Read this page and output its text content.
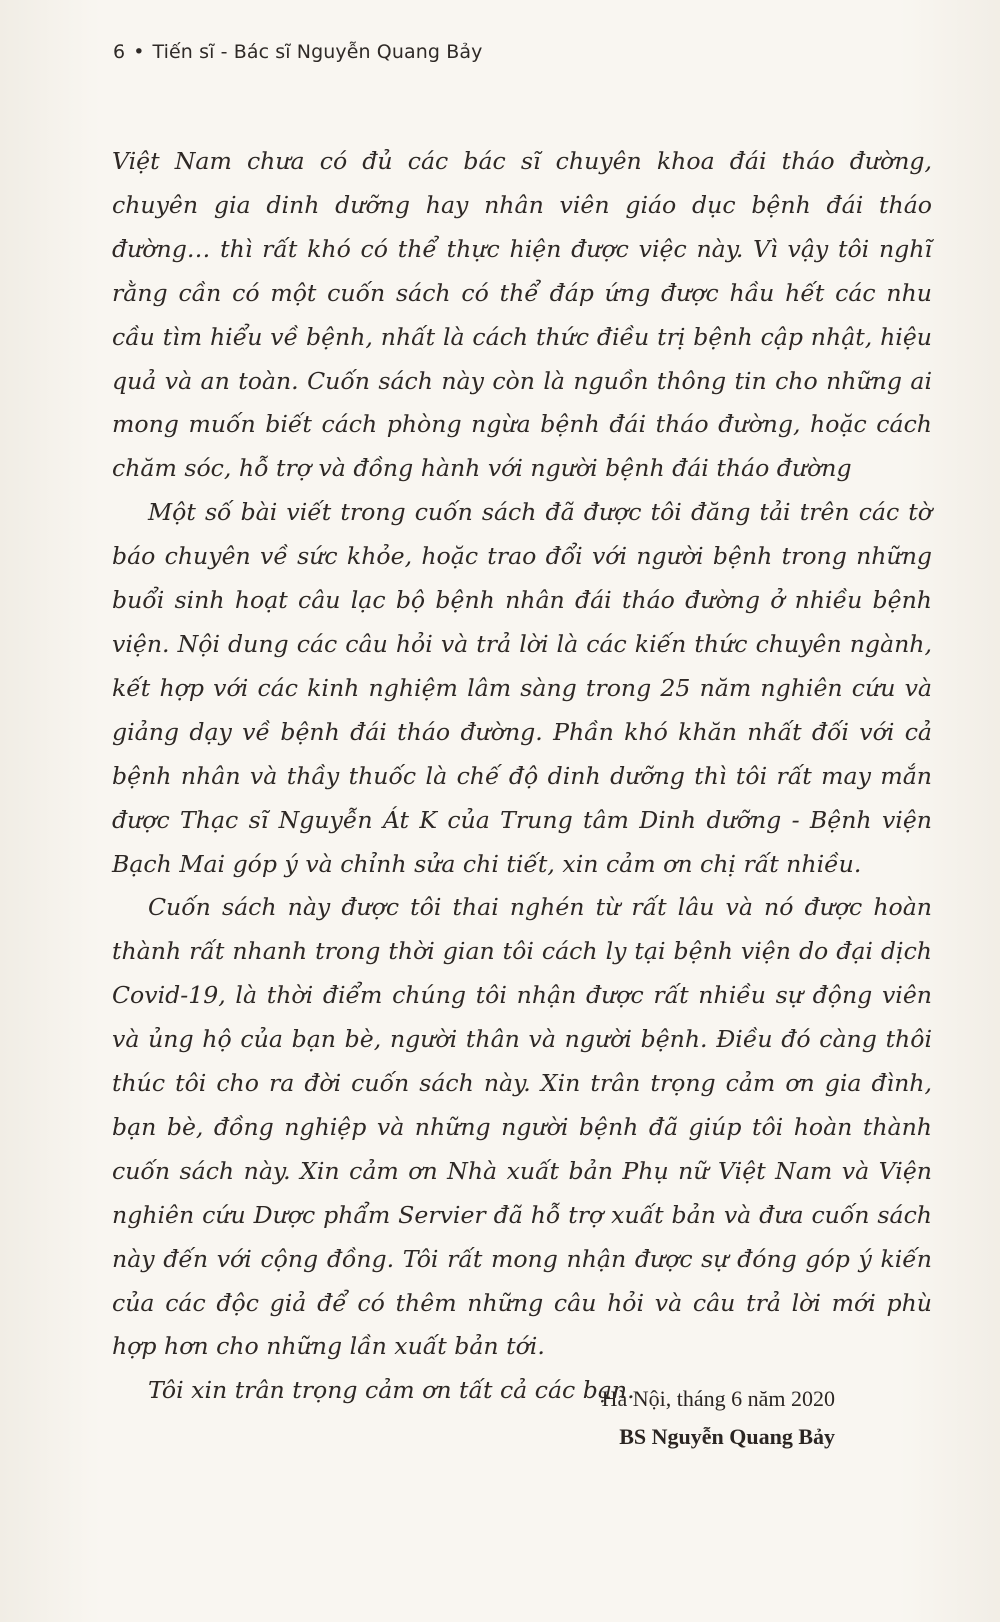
6 • Tiến sĩ - Bác sĩ Nguyễn Quang Bảy

Việt Nam chưa có đủ các bác sĩ chuyên khoa đái tháo đường, chuyên gia dinh dưỡng hay nhân viên giáo dục bệnh đái tháo đường… thì rất khó có thể thực hiện được việc này. Vì vậy tôi nghĩ rằng cần có một cuốn sách có thể đáp ứng được hầu hết các nhu cầu tìm hiểu về bệnh, nhất là cách thức điều trị bệnh cập nhật, hiệu quả và an toàn. Cuốn sách này còn là nguồn thông tin cho những ai mong muốn biết cách phòng ngừa bệnh đái tháo đường, hoặc cách chăm sóc, hỗ trợ và đồng hành với người bệnh đái tháo đường

Một số bài viết trong cuốn sách đã được tôi đăng tải trên các tờ báo chuyên về sức khỏe, hoặc trao đổi với người bệnh trong những buổi sinh hoạt câu lạc bộ bệnh nhân đái tháo đường ở nhiều bệnh viện. Nội dung các câu hỏi và trả lời là các kiến thức chuyên ngành, kết hợp với các kinh nghiệm lâm sàng trong 25 năm nghiên cứu và giảng dạy về bệnh đái tháo đường. Phần khó khăn nhất đối với cả bệnh nhân và thầy thuốc là chế độ dinh dưỡng thì tôi rất may mắn được Thạc sĩ Nguyễn Át K của Trung tâm Dinh dưỡng - Bệnh viện Bạch Mai góp ý và chỉnh sửa chi tiết, xin cảm ơn chị rất nhiều.

Cuốn sách này được tôi thai nghén từ rất lâu và nó được hoàn thành rất nhanh trong thời gian tôi cách ly tại bệnh viện do đại dịch Covid-19, là thời điểm chúng tôi nhận được rất nhiều sự động viên và ủng hộ của bạn bè, người thân và người bệnh. Điều đó càng thôi thúc tôi cho ra đời cuốn sách này. Xin trân trọng cảm ơn gia đình, bạn bè, đồng nghiệp và những người bệnh đã giúp tôi hoàn thành cuốn sách này. Xin cảm ơn Nhà xuất bản Phụ nữ Việt Nam và Viện nghiên cứu Dược phẩm Servier đã hỗ trợ xuất bản và đưa cuốn sách này đến với cộng đồng. Tôi rất mong nhận được sự đóng góp ý kiến của các độc giả để có thêm những câu hỏi và câu trả lời mới phù hợp hơn cho những lần xuất bản tới.

Tôi xin trân trọng cảm ơn tất cả các bạn.

Hà Nội, tháng 6 năm 2020
BS Nguyễn Quang Bảy
